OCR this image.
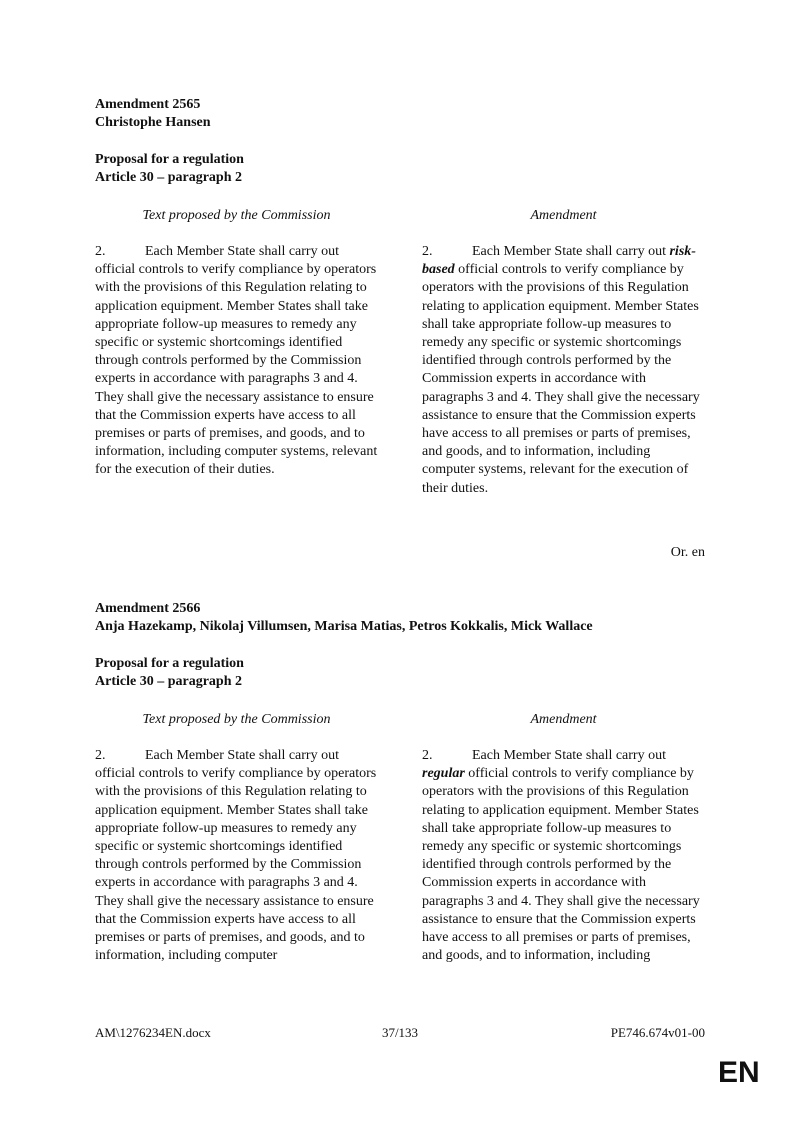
Amendment 2565

Christophe Hansen

Proposal for a regulation

Article 30 – paragraph 2

Text proposed by the Commission	Amendment
2.	Each Member State shall carry out official controls to verify compliance by operators with the provisions of this Regulation relating to application equipment. Member States shall take appropriate follow-up measures to remedy any specific or systemic shortcomings identified through controls performed by the Commission experts in accordance with paragraphs 3 and 4. They shall give the necessary assistance to ensure that the Commission experts have access to all premises or parts of premises, and goods, and to information, including computer systems, relevant for the execution of their duties.
2.	Each Member State shall carry out risk-based official controls to verify compliance by operators with the provisions of this Regulation relating to application equipment. Member States shall take appropriate follow-up measures to remedy any specific or systemic shortcomings identified through controls performed by the Commission experts in accordance with paragraphs 3 and 4. They shall give the necessary assistance to ensure that the Commission experts have access to all premises or parts of premises, and goods, and to information, including computer systems, relevant for the execution of their duties.
Or. en

Amendment 2566

Anja Hazekamp, Nikolaj Villumsen, Marisa Matias, Petros Kokkalis, Mick Wallace

Proposal for a regulation

Article 30 – paragraph 2

Text proposed by the Commission	Amendment
2.	Each Member State shall carry out official controls to verify compliance by operators with the provisions of this Regulation relating to application equipment. Member States shall take appropriate follow-up measures to remedy any specific or systemic shortcomings identified through controls performed by the Commission experts in accordance with paragraphs 3 and 4. They shall give the necessary assistance to ensure that the Commission experts have access to all premises or parts of premises, and goods, and to information, including computer
2.	Each Member State shall carry out regular official controls to verify compliance by operators with the provisions of this Regulation relating to application equipment. Member States shall take appropriate follow-up measures to remedy any specific or systemic shortcomings identified through controls performed by the Commission experts in accordance with paragraphs 3 and 4. They shall give the necessary assistance to ensure that the Commission experts have access to all premises or parts of premises, and goods, and to information, including
AM\1276234EN.docx	37/133	PE746.674v01-00
EN
